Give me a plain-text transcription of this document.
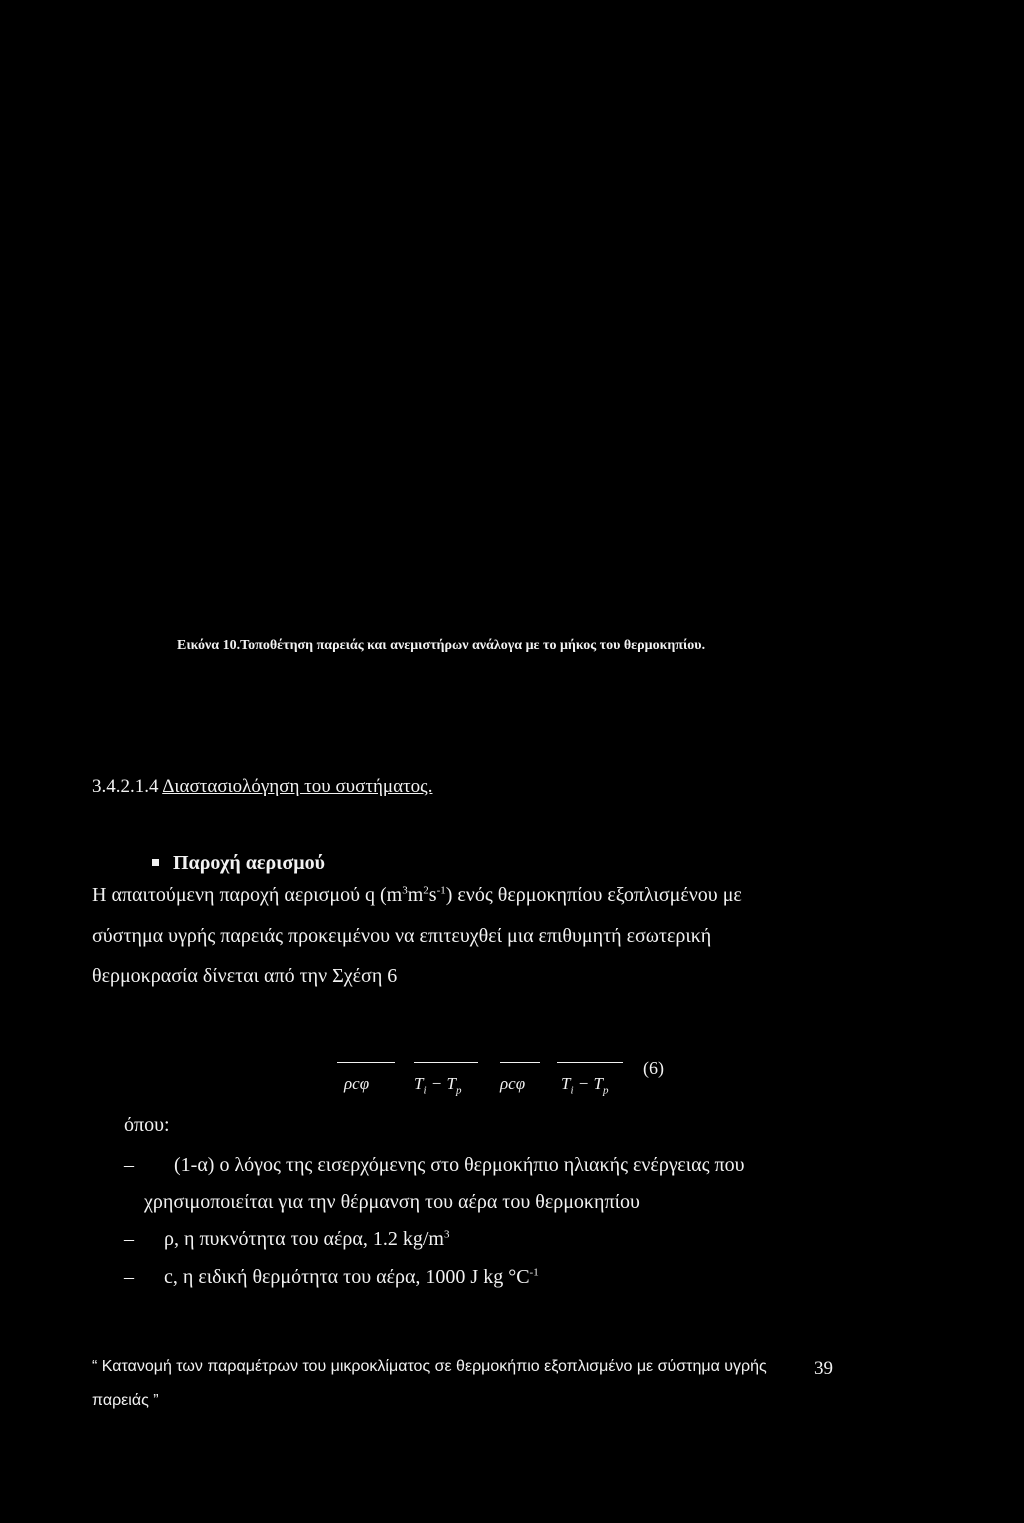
Εικόνα 10.Τοποθέτηση παρειάς και ανεμιστήρων ανάλογα με το μήκος του θερμοκηπίου.
3.4.2.1.4 Διαστασιολόγηση του συστήματος.
Παροχή αερισμού
Η απαιτούμενη παροχή αερισμού q $(m^3m^2s^{-1})$ ενός θερμοκηπίου εξοπλισμένου με
σύστημα υγρής παρειάς προκειμένου να επιτευχθεί μια επιθυμητή εσωτερική
θερμοκρασία δίνεται από την Σχέση 6
ρcφ	$T_i - T_p$ ρcφ $T_i - T_p$
(6)
όπου:
– (1-α) ο λόγος της εισερχόμενης στο θερμοκήπιο ηλιακής ενέργειας που
χρησιμοποιείται για την θέρμανση του αέρα του θερμοκηπίου
– ρ, η πυκνότητα του αέρα, 1.2 $kg/m^3$
– c, η ειδική θερμότητα του αέρα, 1000 J kg $^\circ C^{-1}$
“ Κατανομή των παραμέτρων του μικροκλίματος σε θερμοκήπιο εξοπλισμένο με σύστημα υγρής
παρειάς ”
39
